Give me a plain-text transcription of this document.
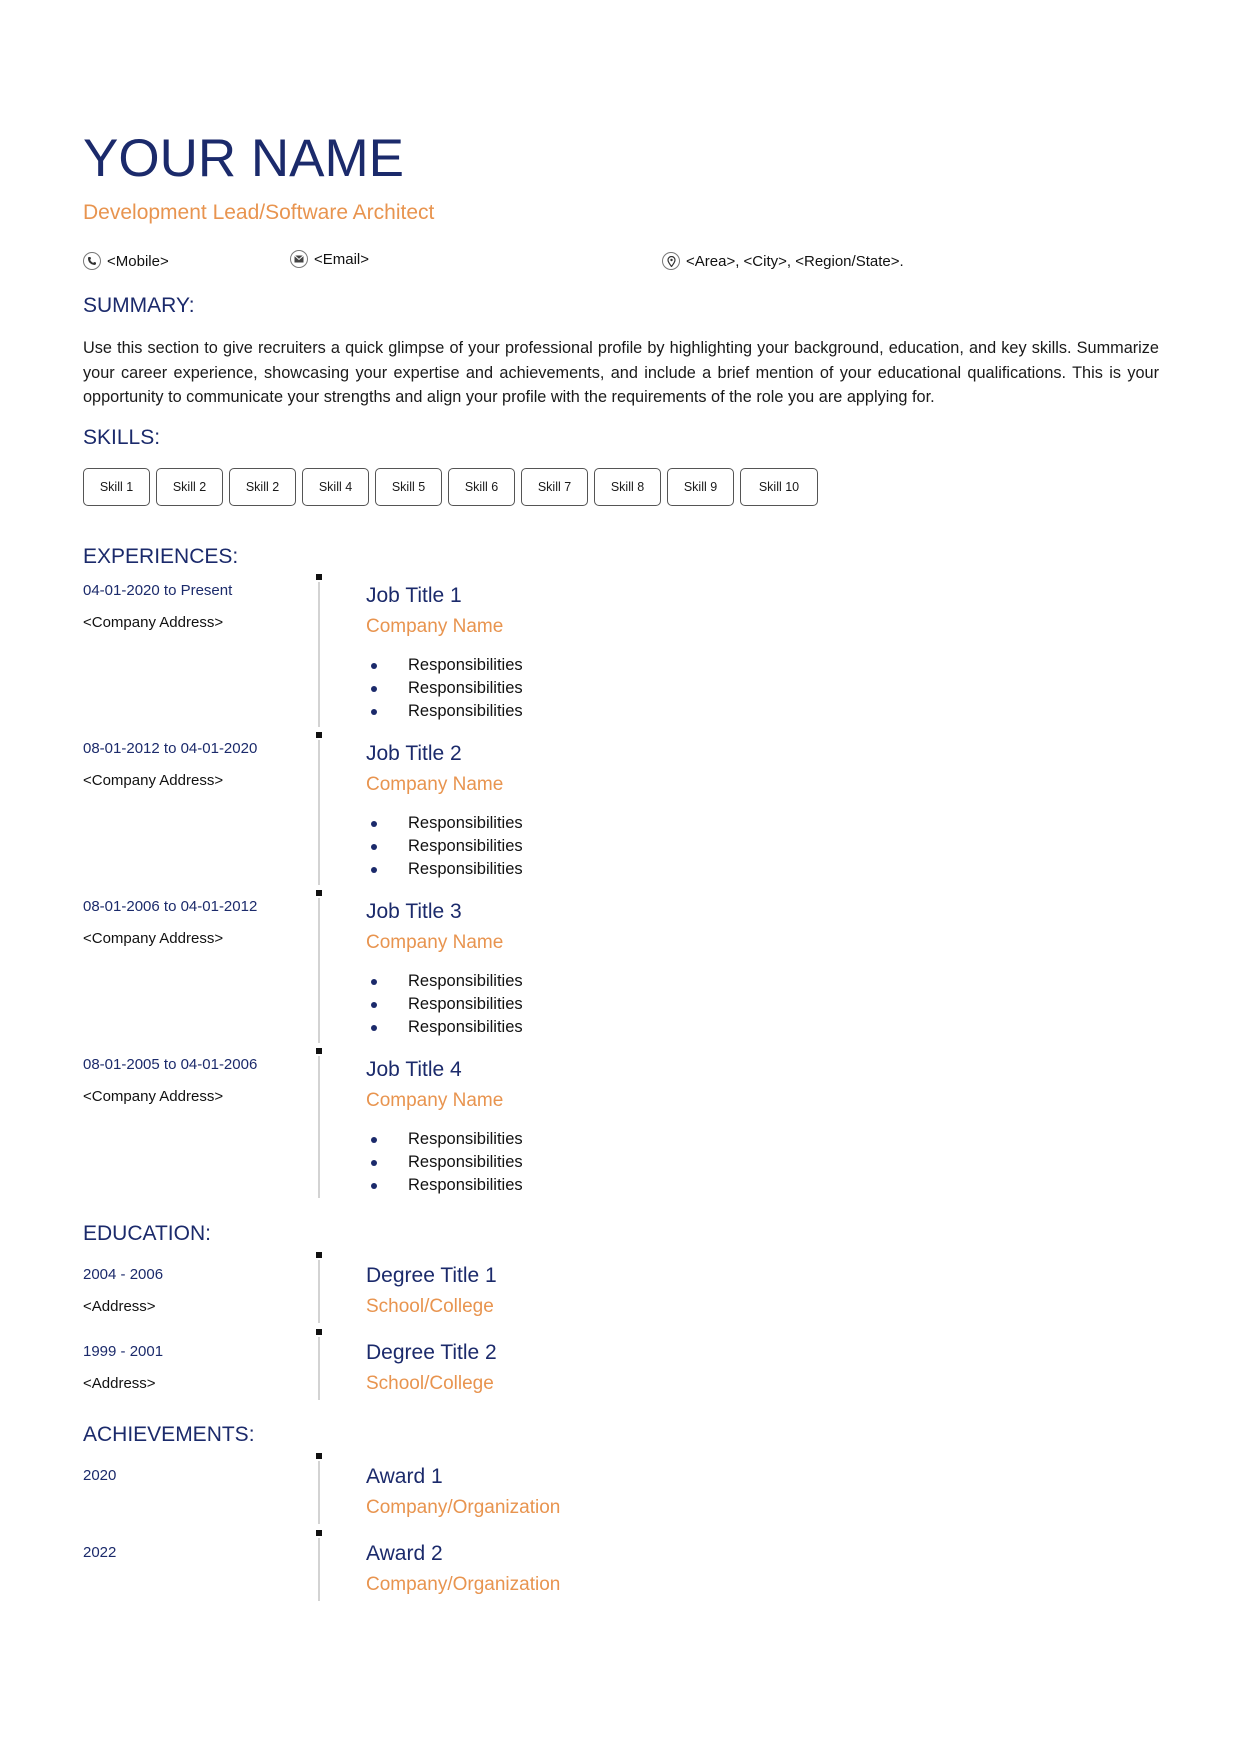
YOUR NAME
Development Lead/Software Architect
<Mobile>	<Email>	<Area>, <City>, <Region/State>.
SUMMARY:
Use this section to give recruiters a quick glimpse of your professional profile by highlighting your background, education, and key skills. Summarize your career experience, showcasing your expertise and achievements, and include a brief mention of your educational qualifications. This is your opportunity to communicate your strengths and align your profile with the requirements of the role you are applying for.
SKILLS:
Skill 1	Skill 2	Skill 2	Skill 4	Skill 5	Skill 6	Skill 7	Skill 8	Skill 9	Skill 10
EXPERIENCES:
04-01-2020 to Present
<Company Address>
Job Title 1
Company Name
Responsibilities
Responsibilities
Responsibilities
08-01-2012 to 04-01-2020
<Company Address>
Job Title 2
Company Name
Responsibilities
Responsibilities
Responsibilities
08-01-2006 to 04-01-2012
<Company Address>
Job Title 3
Company Name
Responsibilities
Responsibilities
Responsibilities
08-01-2005 to 04-01-2006
<Company Address>
Job Title 4
Company Name
Responsibilities
Responsibilities
Responsibilities
EDUCATION:
2004 - 2006
<Address>
Degree Title 1
School/College
1999 - 2001
<Address>
Degree Title 2
School/College
ACHIEVEMENTS:
2020	Award 1
Company/Organization
2022	Award 2
Company/Organization
